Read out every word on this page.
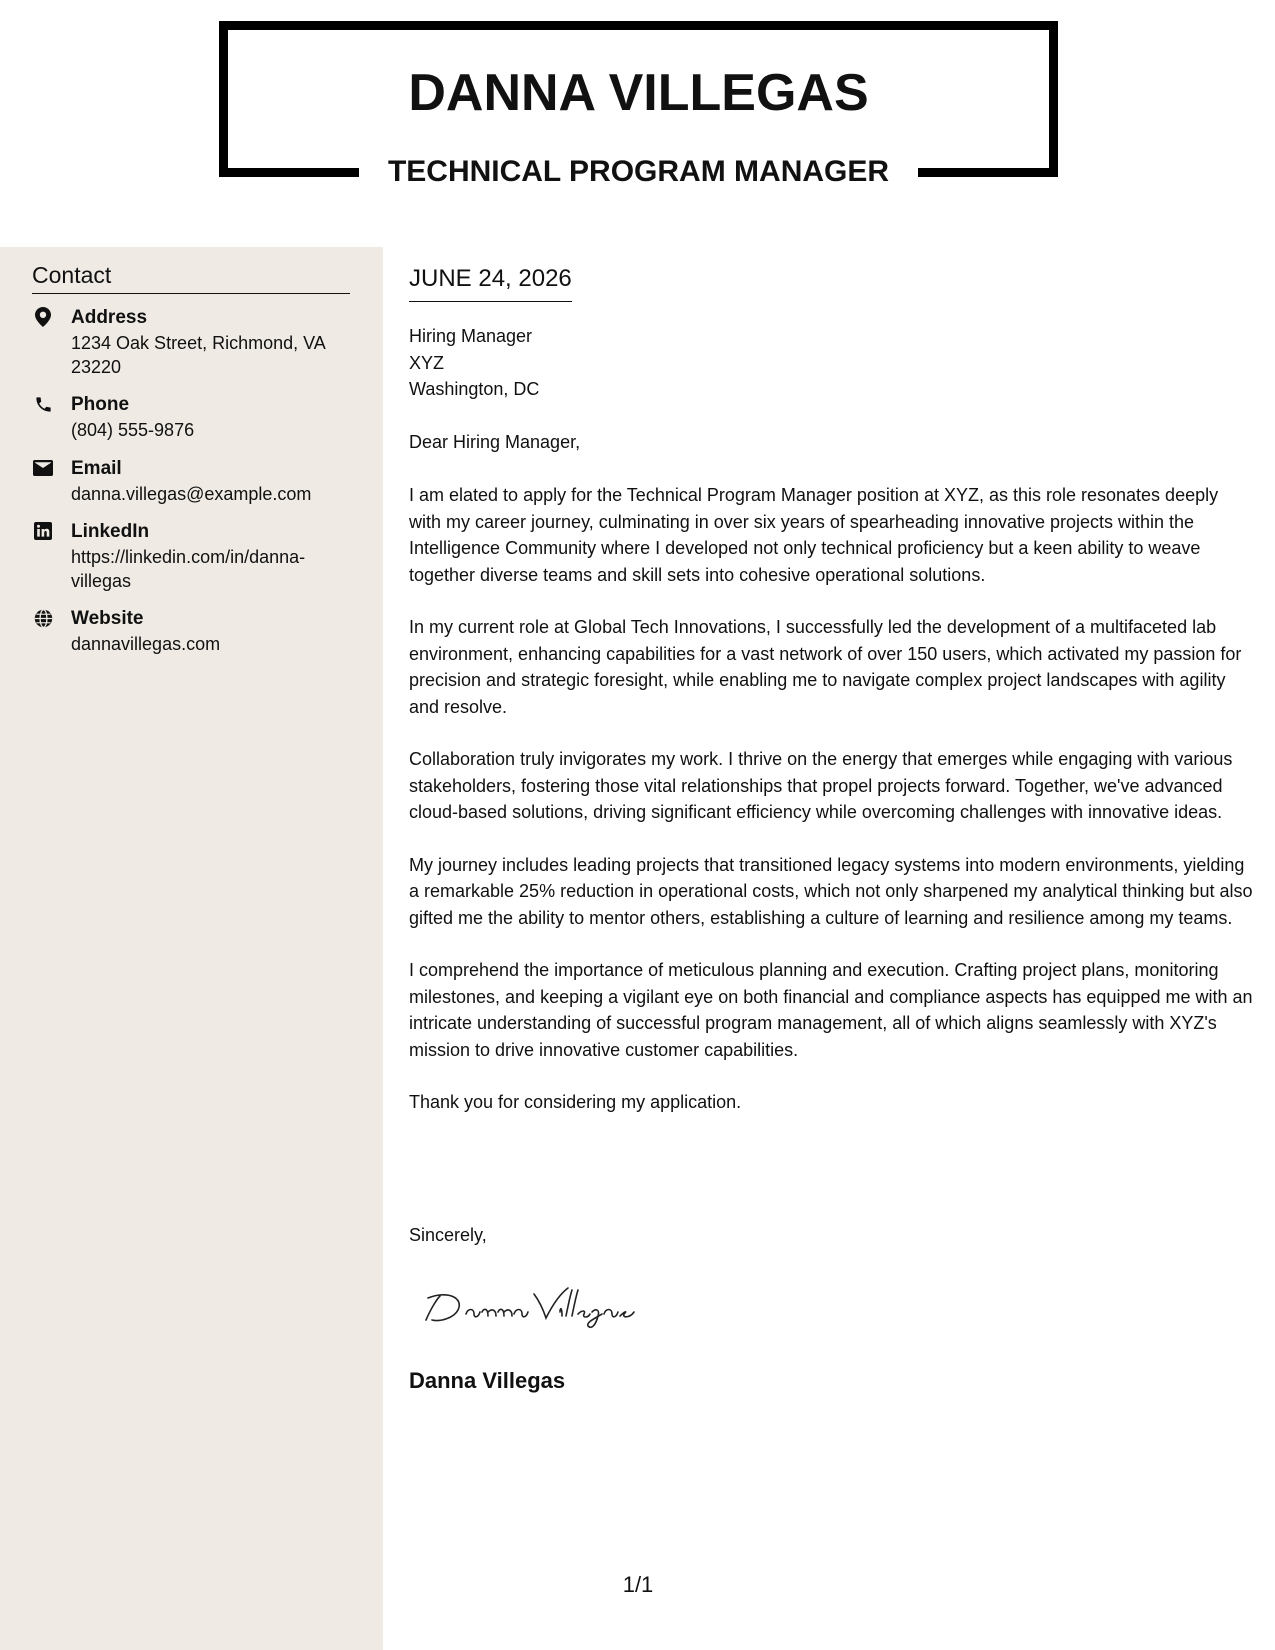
DANNA VILLEGAS
TECHNICAL PROGRAM MANAGER
Contact
Address
1234 Oak Street, Richmond, VA 23220
Phone
(804) 555-9876
Email
danna.villegas@example.com
LinkedIn
https://linkedin.com/in/danna-villegas
Website
dannavillegas.com
JUNE 24, 2026
Hiring Manager
XYZ
Washington, DC
Dear Hiring Manager,

I am elated to apply for the Technical Program Manager position at XYZ, as this role resonates deeply with my career journey, culminating in over six years of spearheading innovative projects within the Intelligence Community where I developed not only technical proficiency but a keen ability to weave together diverse teams and skill sets into cohesive operational solutions.

In my current role at Global Tech Innovations, I successfully led the development of a multifaceted lab environment, enhancing capabilities for a vast network of over 150 users, which activated my passion for precision and strategic foresight, while enabling me to navigate complex project landscapes with agility and resolve.

Collaboration truly invigorates my work. I thrive on the energy that emerges while engaging with various stakeholders, fostering those vital relationships that propel projects forward. Together, we've advanced cloud-based solutions, driving significant efficiency while overcoming challenges with innovative ideas.

My journey includes leading projects that transitioned legacy systems into modern environments, yielding a remarkable 25% reduction in operational costs, which not only sharpened my analytical thinking but also gifted me the ability to mentor others, establishing a culture of learning and resilience among my teams.

I comprehend the importance of meticulous planning and execution. Crafting project plans, monitoring milestones, and keeping a vigilant eye on both financial and compliance aspects has equipped me with an intricate understanding of successful program management, all of which aligns seamlessly with XYZ's mission to drive innovative customer capabilities.

Thank you for considering my application.

Sincerely,
Danna Villegas
1/1
